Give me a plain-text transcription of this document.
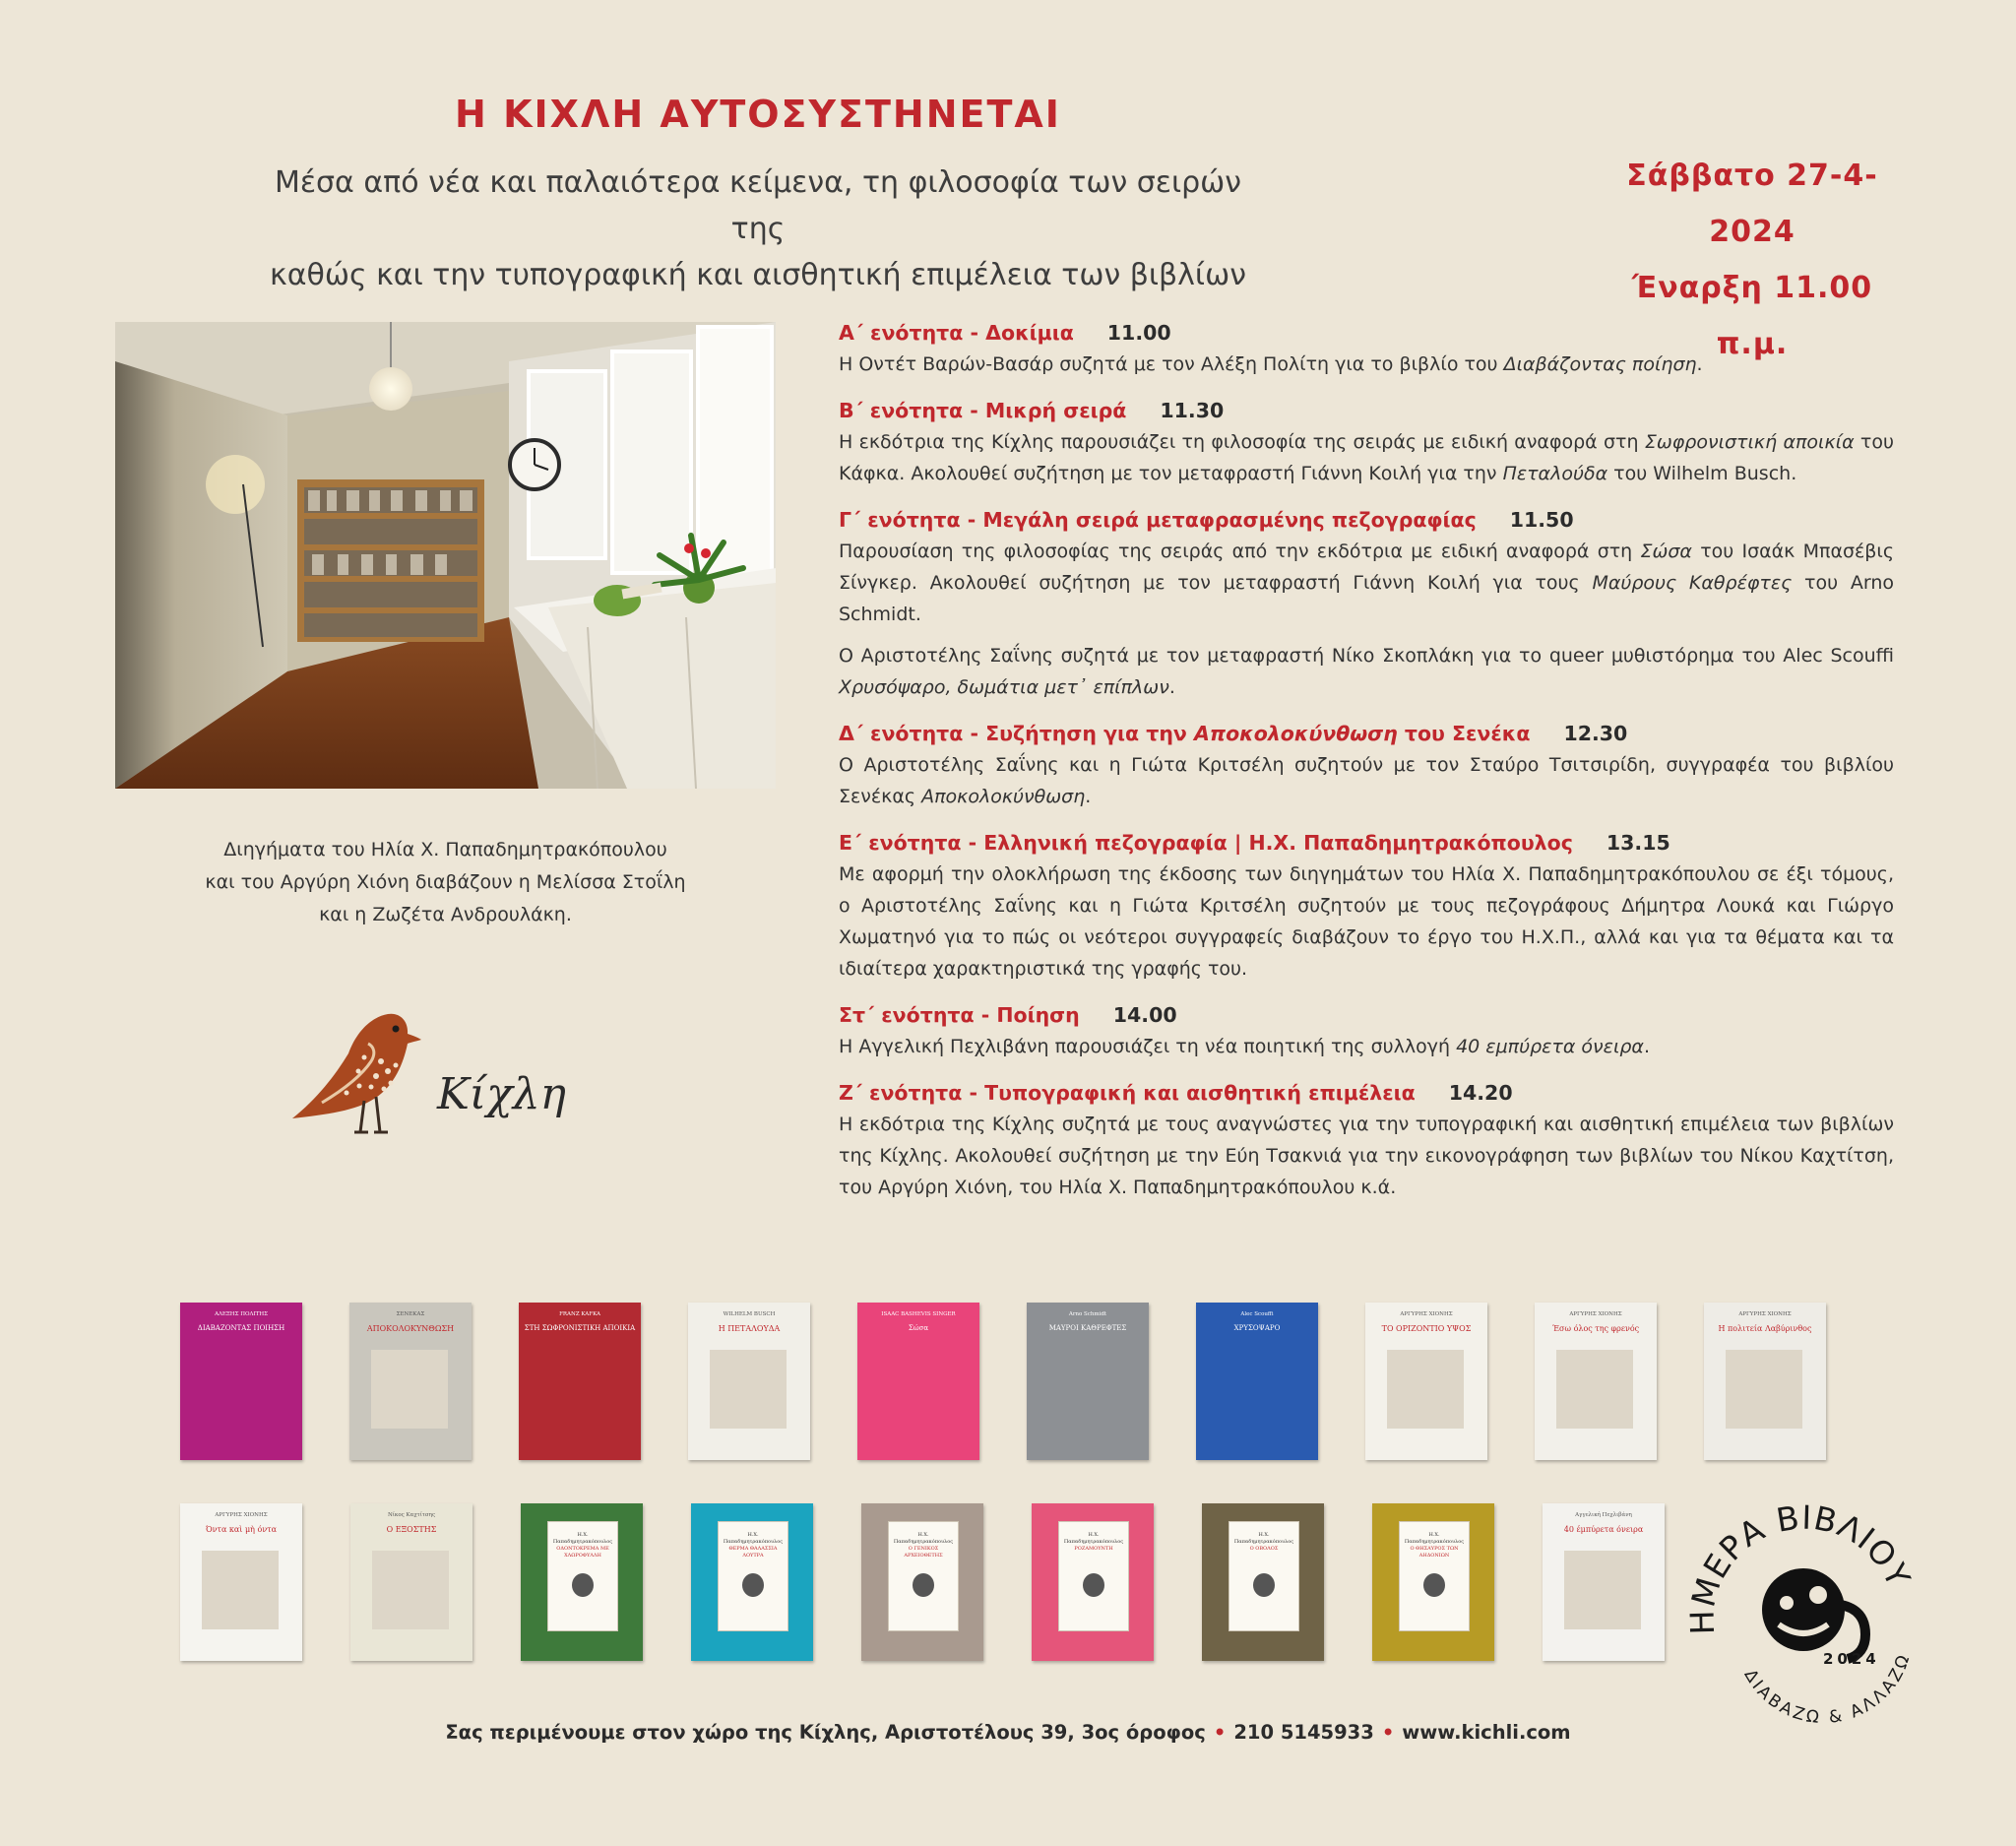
Η ΚΙΧΛΗ ΑΥΤΟΣΥΣΤΗΝΕΤΑΙ
Μέσα από νέα και παλαιότερα κείμενα, τη φιλοσοφία των σειρών της
καθώς και την τυπογραφική και αισθητική επιμέλεια των βιβλίων
Σάββατο 27-4-2024
Έναρξη 11.00 π.μ.
Διηγήματα του Ηλία Χ. Παπαδημητρακόπουλου
και του Αργύρη Χιόνη διαβάζουν η Μελίσσα Στοΐλη
και η Ζωζέτα Ανδρουλάκη.
Κίχλη
Α΄ ενότητα - Δοκίμια 11.00
Η Οντέτ Βαρών-Βασάρ συζητά με τον Αλέξη Πολίτη για το βιβλίο του Διαβάζοντας ποίηση.
Β΄ ενότητα - Μικρή σειρά 11.30
Η εκδότρια της Κίχλης παρουσιάζει τη φιλοσοφία της σειράς με ειδική αναφορά στη Σωφρονιστική αποικία του Κάφκα. Ακολουθεί συζήτηση με τον μεταφραστή Γιάννη Κοιλή για την Πεταλούδα του Wilhelm Busch.
Γ΄ ενότητα - Μεγάλη σειρά μεταφρασμένης πεζογραφίας 11.50
Παρουσίαση της φιλοσοφίας της σειράς από την εκδότρια με ειδική αναφορά στη Σώσα του Ισαάκ Μπασέβις Σίνγκερ. Ακολουθεί συζήτηση με τον μεταφραστή Γιάννη Κοιλή για τους Μαύρους Καθρέφτες του Arno Schmidt.
Ο Αριστοτέλης Σαΐνης συζητά με τον μεταφραστή Νίκο Σκοπλάκη για το queer μυθιστόρημα του Alec Scouffi Χρυσόψαρο, δωμάτια μετ᾽ επίπλων.
Δ΄ ενότητα - Συζήτηση για την Αποκολοκύνθωση του Σενέκα 12.30
Ο Αριστοτέλης Σαΐνης και η Γιώτα Κριτσέλη συζητούν με τον Σταύρο Τσιτσιρίδη, συγγραφέα του βιβλίου Σενέκας Αποκολοκύνθωση.
Ε΄ ενότητα - Ελληνική πεζογραφία | Η.Χ. Παπαδημητρακόπουλος 13.15
Με αφορμή την ολοκλήρωση της έκδοσης των διηγημάτων του Ηλία Χ. Παπαδημητρακόπουλου σε έξι τόμους, ο Αριστοτέλης Σαΐνης και η Γιώτα Κριτσέλη συζητούν με τους πεζογράφους Δήμητρα Λουκά και Γιώργο Χωματηνό για το πώς οι νεότεροι συγγραφείς διαβάζουν το έργο του Η.Χ.Π., αλλά και για τα θέματα και τα ιδιαίτερα χαρακτηριστικά της γραφής του.
Στ΄ ενότητα - Ποίηση 14.00
Η Αγγελική Πεχλιβάνη παρουσιάζει τη νέα ποιητική της συλλογή 40 εμπύρετα όνειρα.
Ζ΄ ενότητα - Τυπογραφική και αισθητική επιμέλεια 14.20
Η εκδότρια της Κίχλης συζητά με τους αναγνώστες για την τυπογραφική και αισθητική επιμέλεια των βιβλίων της Κίχλης. Ακολουθεί συζήτηση με την Εύη Τσακνιά για την εικονογράφηση των βιβλίων του Νίκου Καχτίτση, του Αργύρη Χιόνη, του Ηλία Χ. Παπαδημητρακόπουλου κ.ά.
ΑΛΕΞΗΣ ΠΟΛΙΤΗΣ
ΔΙΑΒΑΖΟΝΤΑΣ ΠΟΙΗΣΗ
ΣΕΝΕΚΑΣ
ΑΠΟΚΟΛΟΚΥΝΘΩΣΗ
FRANZ KAFKA
ΣΤΗ ΣΩΦΡΟΝΙΣΤΙΚΗ ΑΠΟΙΚΙΑ
WILHELM BUSCH
Η ΠΕΤΑΛΟΥΔΑ
ISAAC BASHEVIS SINGER
Σώσα
Arno Schmidt
ΜΑΥΡΟΙ ΚΑΘΡΕΦΤΕΣ
Alec Scouffi
ΧΡΥΣΟΨΑΡΟ
ΑΡΓΥΡΗΣ ΧΙΟΝΗΣ
ΤΟ ΟΡΙΖΟΝΤΙΟ ΥΨΟΣ
ΑΡΓΥΡΗΣ ΧΙΟΝΗΣ
Έσω όλος της φρενός
ΑΡΓΥΡΗΣ ΧΙΟΝΗΣ
Η πολιτεία Λαβύρινθος
ΑΡΓΥΡΗΣ ΧΙΟΝΗΣ
Όντα καὶ μὴ όντα
Νίκος Καχτίτσης
Ο ΕΞΟΣΤΗΣ
Η.Χ. Παπαδημητρακόπουλος
ΟΔΟΝΤΟΚΡΕΜΑ ΜΕ ΧΛΩΡΟΦΥΛΛΗ
Η.Χ. Παπαδημητρακόπουλος
ΘΕΡΜΑ ΘΑΛΑΣΣΙΑ ΛΟΥΤΡΑ
Η.Χ. Παπαδημητρακόπουλος
Ο ΓΕΝΙΚΟΣ ΑΡΧΕΙΟΘΕΤΗΣ
Η.Χ. Παπαδημητρακόπουλος
ΡΟΖΑΜΟΥΝΤΗ
Η.Χ. Παπαδημητρακόπουλος
Ο ΟΒΟΛΟΣ
Η.Χ. Παπαδημητρακόπουλος
Ο ΘΗΣΑΥΡΟΣ ΤΩΝ ΑΗΔΟΝΙΩΝ
Αγγελική Πεχλιβάνη
40 έμπύρετα όνειρα
ΗΜΕΡΑ ΒΙΒΛΙΟΥ
ΔΙΑΒΑΖΩ & ΑΛΛΑΖΩ
2024
Σας περιμένουμε στον χώρο της Κίχλης, Αριστοτέλους 39, 3ος όροφος • 210 5145933 • www.kichli.com
